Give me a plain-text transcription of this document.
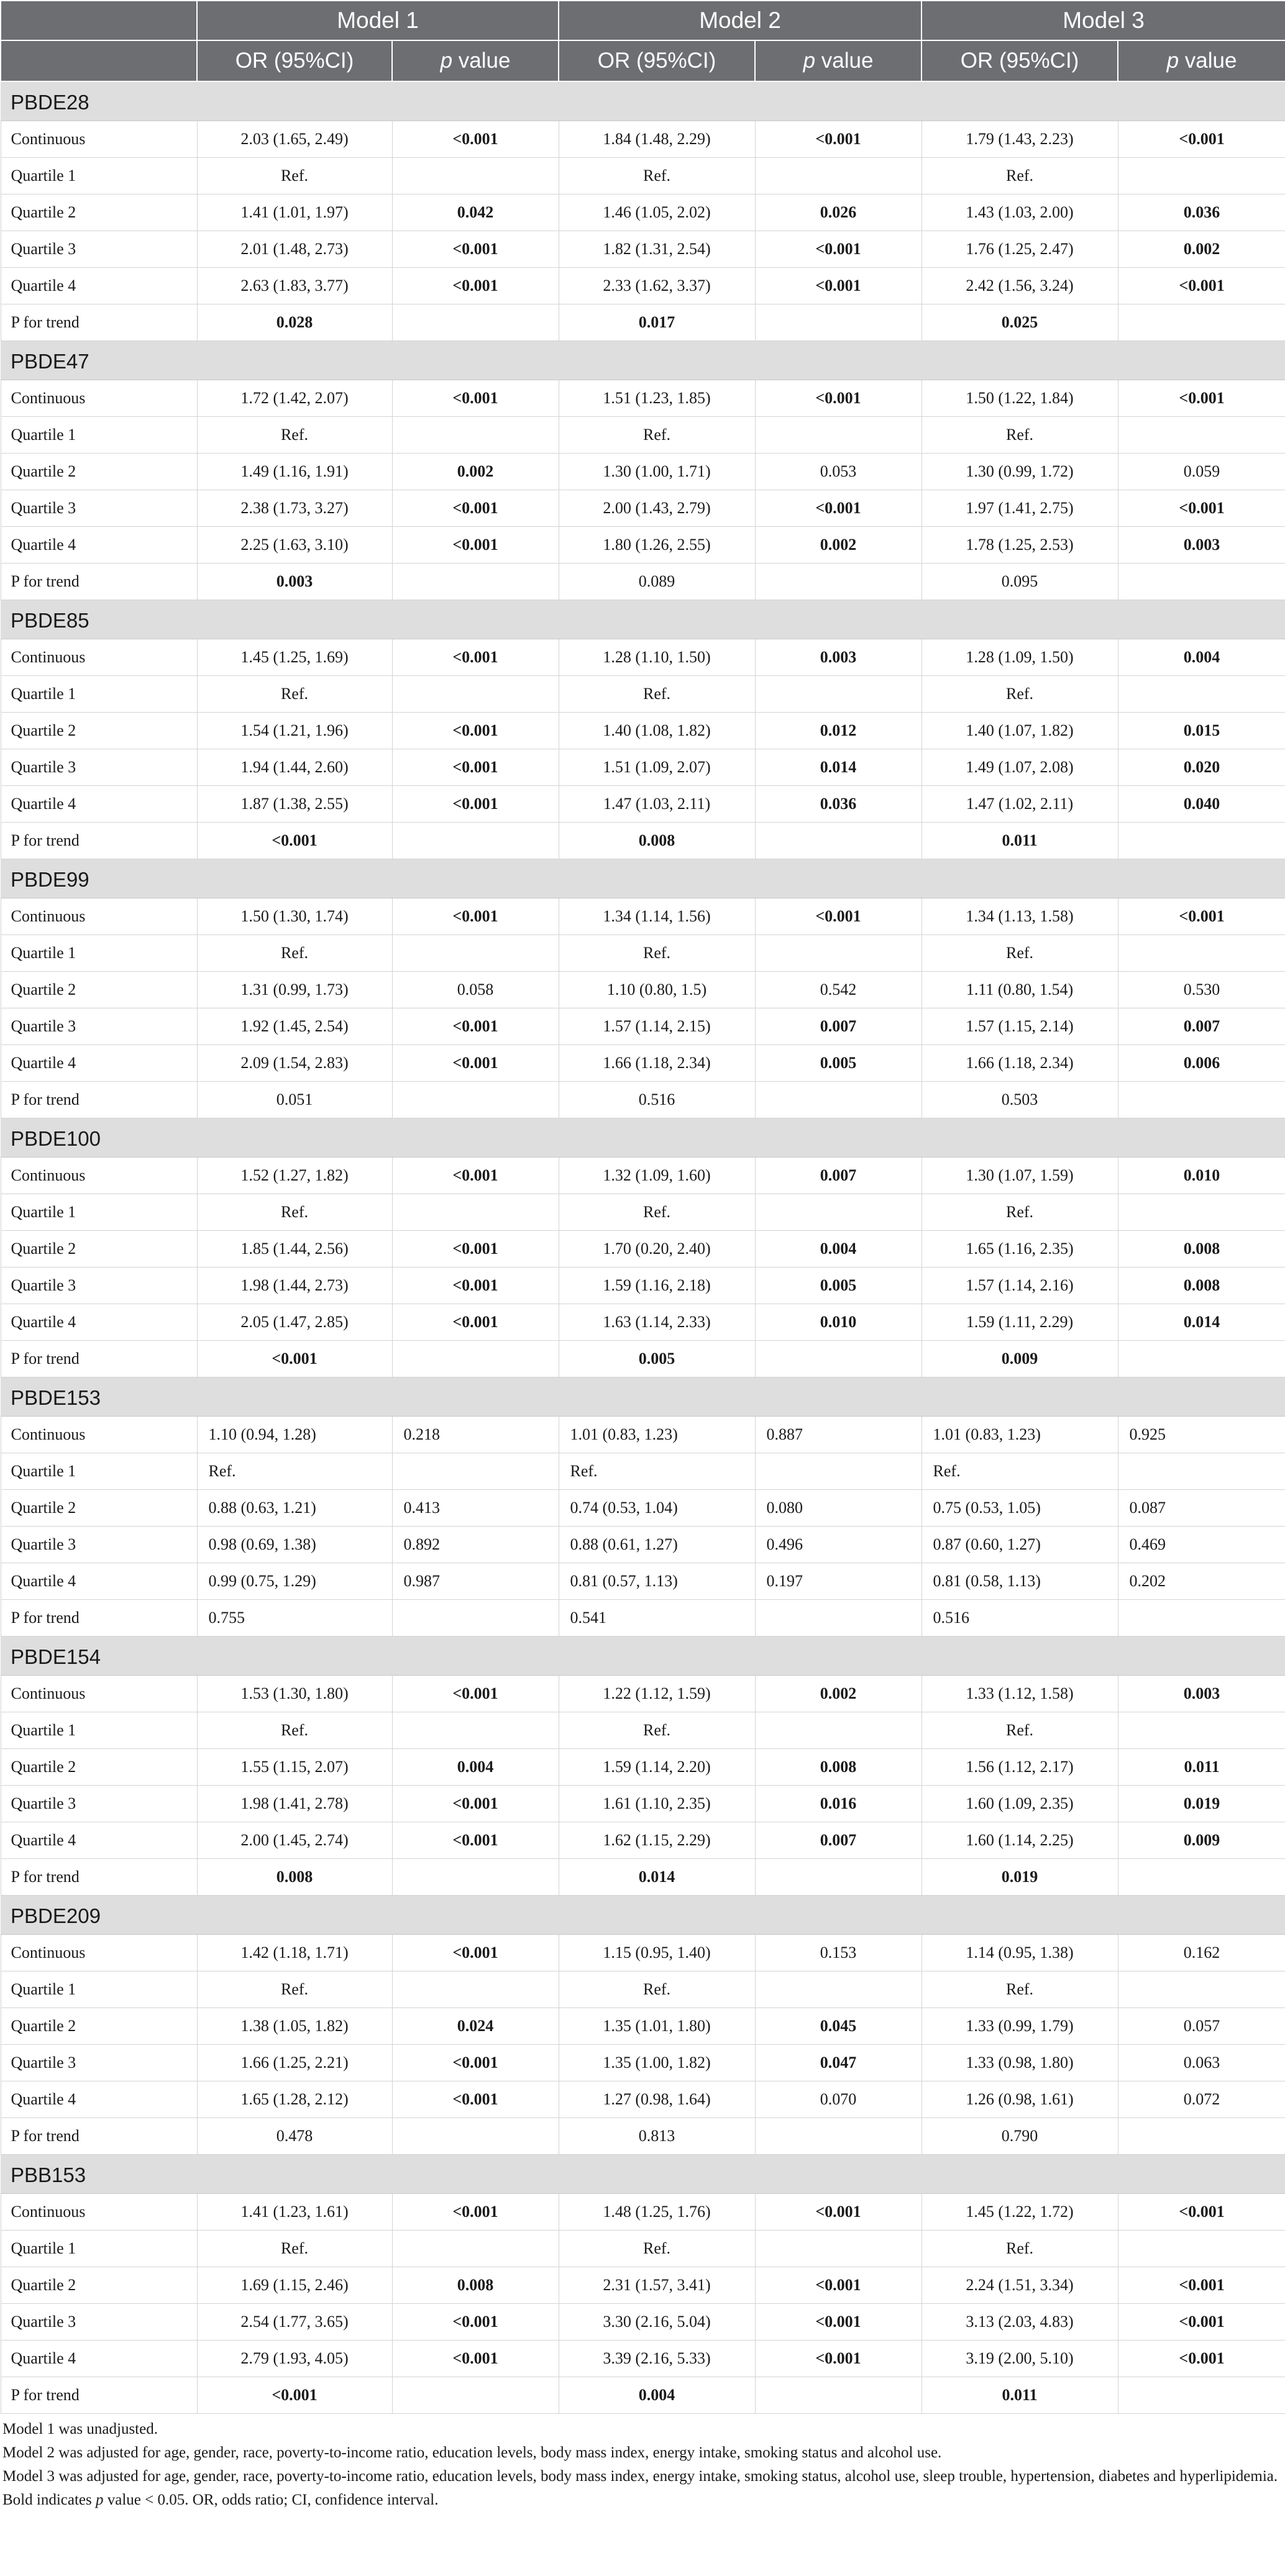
	Model 1		Model 2		Model 3	
	OR (95%CI)	p value	OR (95%CI)	p value	OR (95%CI)	p value
PBDE28						
Continuous	2.03 (1.65, 2.49)	<0.001	1.84 (1.48, 2.29)	<0.001	1.79 (1.43, 2.23)	<0.001
Quartile 1	Ref.		Ref.		Ref.	
Quartile 2	1.41 (1.01, 1.97)	0.042	1.46 (1.05, 2.02)	0.026	1.43 (1.03, 2.00)	0.036
Quartile 3	2.01 (1.48, 2.73)	<0.001	1.82 (1.31, 2.54)	<0.001	1.76 (1.25, 2.47)	0.002
Quartile 4	2.63 (1.83, 3.77)	<0.001	2.33 (1.62, 3.37)	<0.001	2.42 (1.56, 3.24)	<0.001
P for trend	0.028		0.017		0.025	
PBDE47						
Continuous	1.72 (1.42, 2.07)	<0.001	1.51 (1.23, 1.85)	<0.001	1.50 (1.22, 1.84)	<0.001
Quartile 1	Ref.		Ref.		Ref.	
Quartile 2	1.49 (1.16, 1.91)	0.002	1.30 (1.00, 1.71)	0.053	1.30 (0.99, 1.72)	0.059
Quartile 3	2.38 (1.73, 3.27)	<0.001	2.00 (1.43, 2.79)	<0.001	1.97 (1.41, 2.75)	<0.001
Quartile 4	2.25 (1.63, 3.10)	<0.001	1.80 (1.26, 2.55)	0.002	1.78 (1.25, 2.53)	0.003
P for trend	0.003		0.089		0.095	
PBDE85						
Continuous	1.45 (1.25, 1.69)	<0.001	1.28 (1.10, 1.50)	0.003	1.28 (1.09, 1.50)	0.004
Quartile 1	Ref.		Ref.		Ref.	
Quartile 2	1.54 (1.21, 1.96)	<0.001	1.40 (1.08, 1.82)	0.012	1.40 (1.07, 1.82)	0.015
Quartile 3	1.94 (1.44, 2.60)	<0.001	1.51 (1.09, 2.07)	0.014	1.49 (1.07, 2.08)	0.020
Quartile 4	1.87 (1.38, 2.55)	<0.001	1.47 (1.03, 2.11)	0.036	1.47 (1.02, 2.11)	0.040
P for trend	<0.001		0.008		0.011	
PBDE99						
Continuous	1.50 (1.30, 1.74)	<0.001	1.34 (1.14, 1.56)	<0.001	1.34 (1.13, 1.58)	<0.001
Quartile 1	Ref.		Ref.		Ref.	
Quartile 2	1.31 (0.99, 1.73)	0.058	1.10 (0.80, 1.5)	0.542	1.11 (0.80, 1.54)	0.530
Quartile 3	1.92 (1.45, 2.54)	<0.001	1.57 (1.14, 2.15)	0.007	1.57 (1.15, 2.14)	0.007
Quartile 4	2.09 (1.54, 2.83)	<0.001	1.66 (1.18, 2.34)	0.005	1.66 (1.18, 2.34)	0.006
P for trend	0.051		0.516		0.503	
PBDE100						
Continuous	1.52 (1.27, 1.82)	<0.001	1.32 (1.09, 1.60)	0.007	1.30 (1.07, 1.59)	0.010
Quartile 1	Ref.		Ref.		Ref.	
Quartile 2	1.85 (1.44, 2.56)	<0.001	1.70 (0.20, 2.40)	0.004	1.65 (1.16, 2.35)	0.008
Quartile 3	1.98 (1.44, 2.73)	<0.001	1.59 (1.16, 2.18)	0.005	1.57 (1.14, 2.16)	0.008
Quartile 4	2.05 (1.47, 2.85)	<0.001	1.63 (1.14, 2.33)	0.010	1.59 (1.11, 2.29)	0.014
P for trend	<0.001		0.005		0.009	
PBDE153						
Continuous	1.10 (0.94, 1.28)	0.218	1.01 (0.83, 1.23)	0.887	1.01 (0.83, 1.23)	0.925
Quartile 1	Ref.		Ref.		Ref.	
Quartile 2	0.88 (0.63, 1.21)	0.413	0.74 (0.53, 1.04)	0.080	0.75 (0.53, 1.05)	0.087
Quartile 3	0.98 (0.69, 1.38)	0.892	0.88 (0.61, 1.27)	0.496	0.87 (0.60, 1.27)	0.469
Quartile 4	0.99 (0.75, 1.29)	0.987	0.81 (0.57, 1.13)	0.197	0.81 (0.58, 1.13)	0.202
P for trend	0.755		0.541		0.516	
PBDE154						
Continuous	1.53 (1.30, 1.80)	<0.001	1.22 (1.12, 1.59)	0.002	1.33 (1.12, 1.58)	0.003
Quartile 1	Ref.		Ref.		Ref.	
Quartile 2	1.55 (1.15, 2.07)	0.004	1.59 (1.14, 2.20)	0.008	1.56 (1.12, 2.17)	0.011
Quartile 3	1.98 (1.41, 2.78)	<0.001	1.61 (1.10, 2.35)	0.016	1.60 (1.09, 2.35)	0.019
Quartile 4	2.00 (1.45, 2.74)	<0.001	1.62 (1.15, 2.29)	0.007	1.60 (1.14, 2.25)	0.009
P for trend	0.008		0.014		0.019	
PBDE209						
Continuous	1.42 (1.18, 1.71)	<0.001	1.15 (0.95, 1.40)	0.153	1.14 (0.95, 1.38)	0.162
Quartile 1	Ref.		Ref.		Ref.	
Quartile 2	1.38 (1.05, 1.82)	0.024	1.35 (1.01, 1.80)	0.045	1.33 (0.99, 1.79)	0.057
Quartile 3	1.66 (1.25, 2.21)	<0.001	1.35 (1.00, 1.82)	0.047	1.33 (0.98, 1.80)	0.063
Quartile 4	1.65 (1.28, 2.12)	<0.001	1.27 (0.98, 1.64)	0.070	1.26 (0.98, 1.61)	0.072
P for trend	0.478		0.813		0.790	
PBB153						
Continuous	1.41 (1.23, 1.61)	<0.001	1.48 (1.25, 1.76)	<0.001	1.45 (1.22, 1.72)	<0.001
Quartile 1	Ref.		Ref.		Ref.	
Quartile 2	1.69 (1.15, 2.46)	0.008	2.31 (1.57, 3.41)	<0.001	2.24 (1.51, 3.34)	<0.001
Quartile 3	2.54 (1.77, 3.65)	<0.001	3.30 (2.16, 5.04)	<0.001	3.13 (2.03, 4.83)	<0.001
Quartile 4	2.79 (1.93, 4.05)	<0.001	3.39 (2.16, 5.33)	<0.001	3.19 (2.00, 5.10)	<0.001
P for trend	<0.001		0.004		0.011	
Model 1 was unadjusted.
Model 2 was adjusted for age, gender, race, poverty-to-income ratio, education levels, body mass index, energy intake, smoking status and alcohol use.
Model 3 was adjusted for age, gender, race, poverty-to-income ratio, education levels, body mass index, energy intake, smoking status, alcohol use, sleep trouble, hypertension, diabetes and hyperlipidemia.
Bold indicates p value < 0.05. OR, odds ratio; CI, confidence interval.
